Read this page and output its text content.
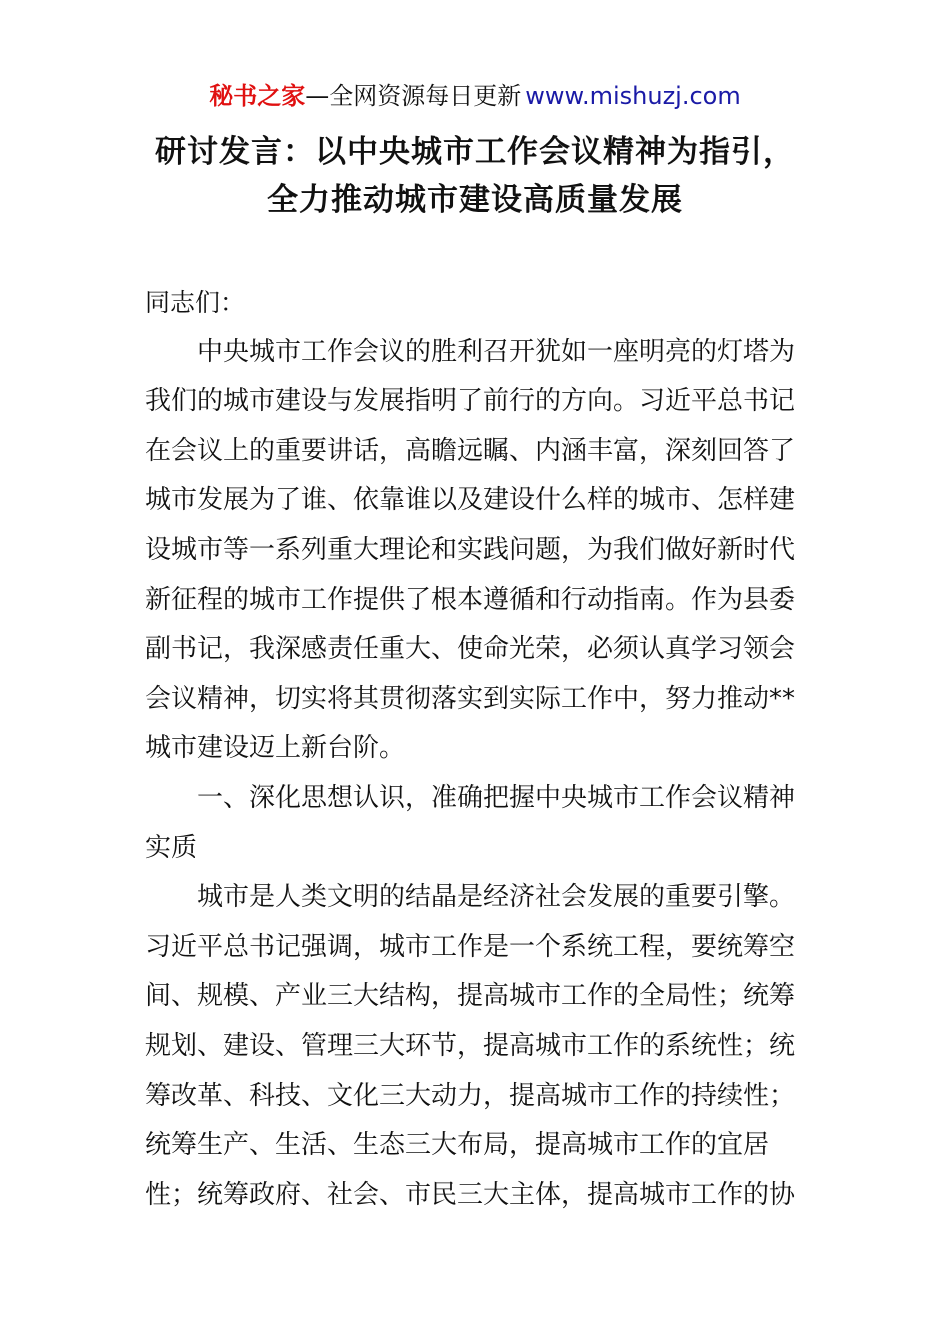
秘书之家—全网资源每日更新 www.mishuzj.com
研讨发言：以中央城市工作会议精神为指引，
全力推动城市建设高质量发展
同志们：
中央城市工作会议的胜利召开犹如一座明亮的灯塔为
我们的城市建设与发展指明了前行的方向。习近平总书记
在会议上的重要讲话，高瞻远瞩、内涵丰富，深刻回答了
城市发展为了谁、依靠谁以及建设什么样的城市、怎样建
设城市等一系列重大理论和实践问题，为我们做好新时代
新征程的城市工作提供了根本遵循和行动指南。作为县委
副书记，我深感责任重大、使命光荣，必须认真学习领会
会议精神，切实将其贯彻落实到实际工作中，努力推动**
城市建设迈上新台阶。
一、深化思想认识，准确把握中央城市工作会议精神
实质
城市是人类文明的结晶是经济社会发展的重要引擎。
习近平总书记强调，城市工作是一个系统工程，要统筹空
间、规模、产业三大结构，提高城市工作的全局性；统筹
规划、建设、管理三大环节，提高城市工作的系统性；统
筹改革、科技、文化三大动力，提高城市工作的持续性；
统筹生产、生活、生态三大布局，提高城市工作的宜居
性；统筹政府、社会、市民三大主体，提高城市工作的协
